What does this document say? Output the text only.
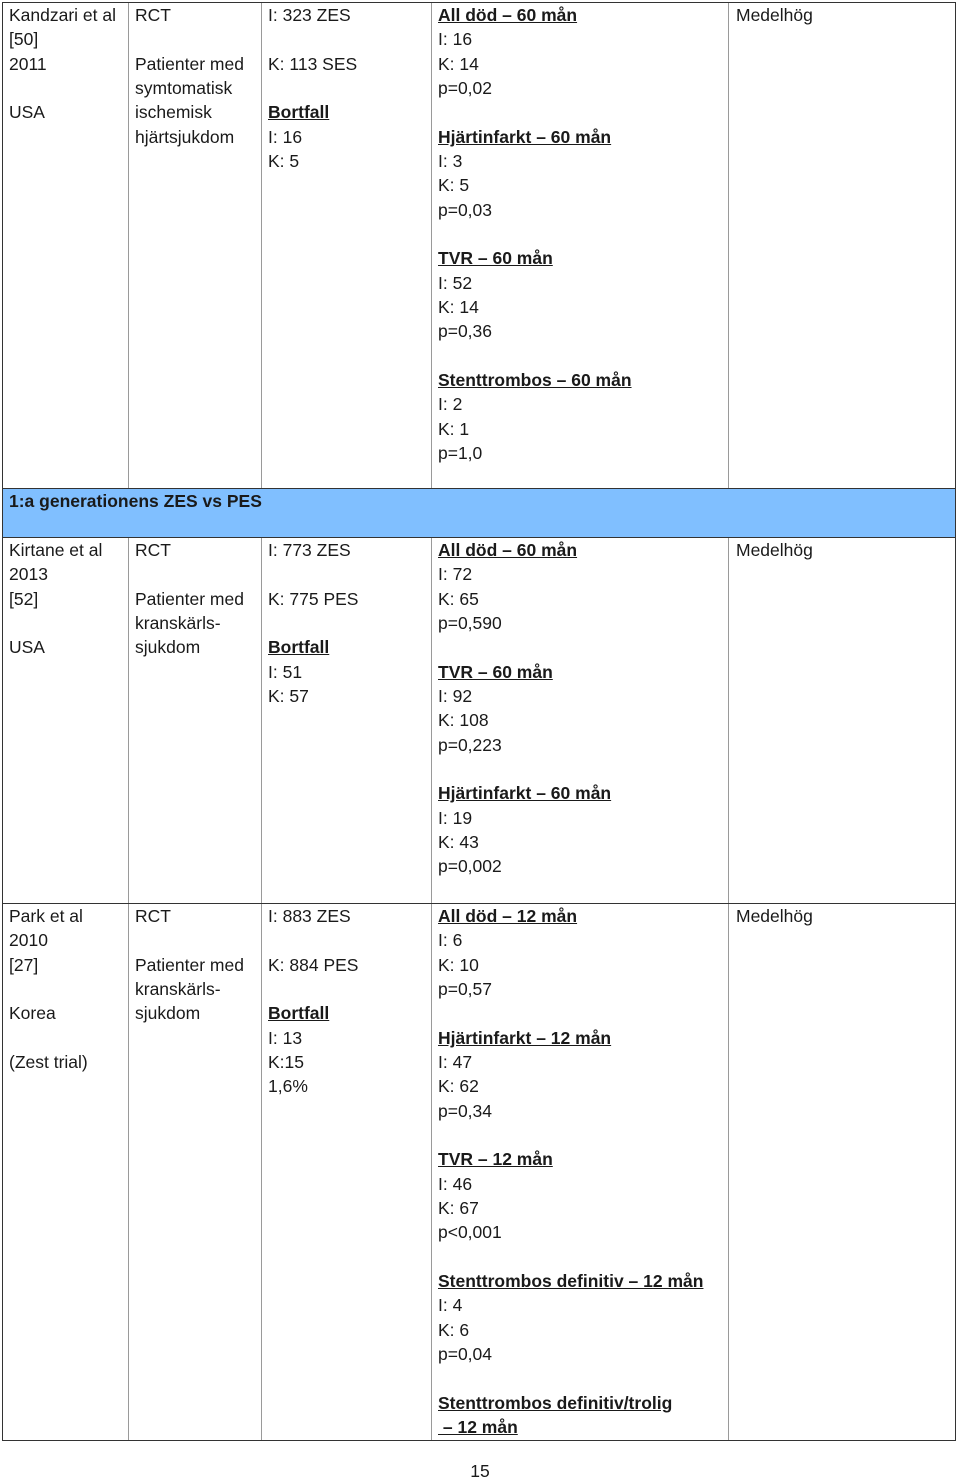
Kandzari et al
[50]
2011
USA
RCT
Patienter med
symtomatisk
ischemisk
hjärtsjukdom
I: 323 ZES
K: 113 SES
Bortfall
I: 16
K: 5
All död – 60 mån
I: 16
K: 14
p=0,02
Hjärtinfarkt – 60 mån
I: 3
K: 5
p=0,03
TVR – 60 mån
I: 52
K: 14
p=0,36
Stenttrombos – 60 mån
I: 2
K: 1
p=1,0
Medelhög
1:a generationens ZES vs PES
Kirtane et al
2013
[52]
USA
RCT
Patienter med
kranskärls-
sjukdom
I: 773 ZES
K: 775 PES
Bortfall
I: 51
K: 57
All död – 60 mån
I: 72
K: 65
p=0,590
TVR – 60 mån
I: 92
K: 108
p=0,223
Hjärtinfarkt – 60 mån
I: 19
K: 43
p=0,002
Medelhög
Park et al
2010
[27]
Korea
(Zest trial)
RCT
Patienter med
kranskärls-
sjukdom
I: 883 ZES
K: 884 PES
Bortfall
I: 13
K:15
1,6%
All död – 12 mån
I: 6
K: 10
p=0,57
Hjärtinfarkt – 12 mån
I: 47
K: 62
p=0,34
TVR – 12 mån
I: 46
K: 67
p<0,001
Stenttrombos definitiv – 12 mån
I: 4
K: 6
p=0,04
Stenttrombos definitiv/trolig
– 12 mån
Medelhög
15
